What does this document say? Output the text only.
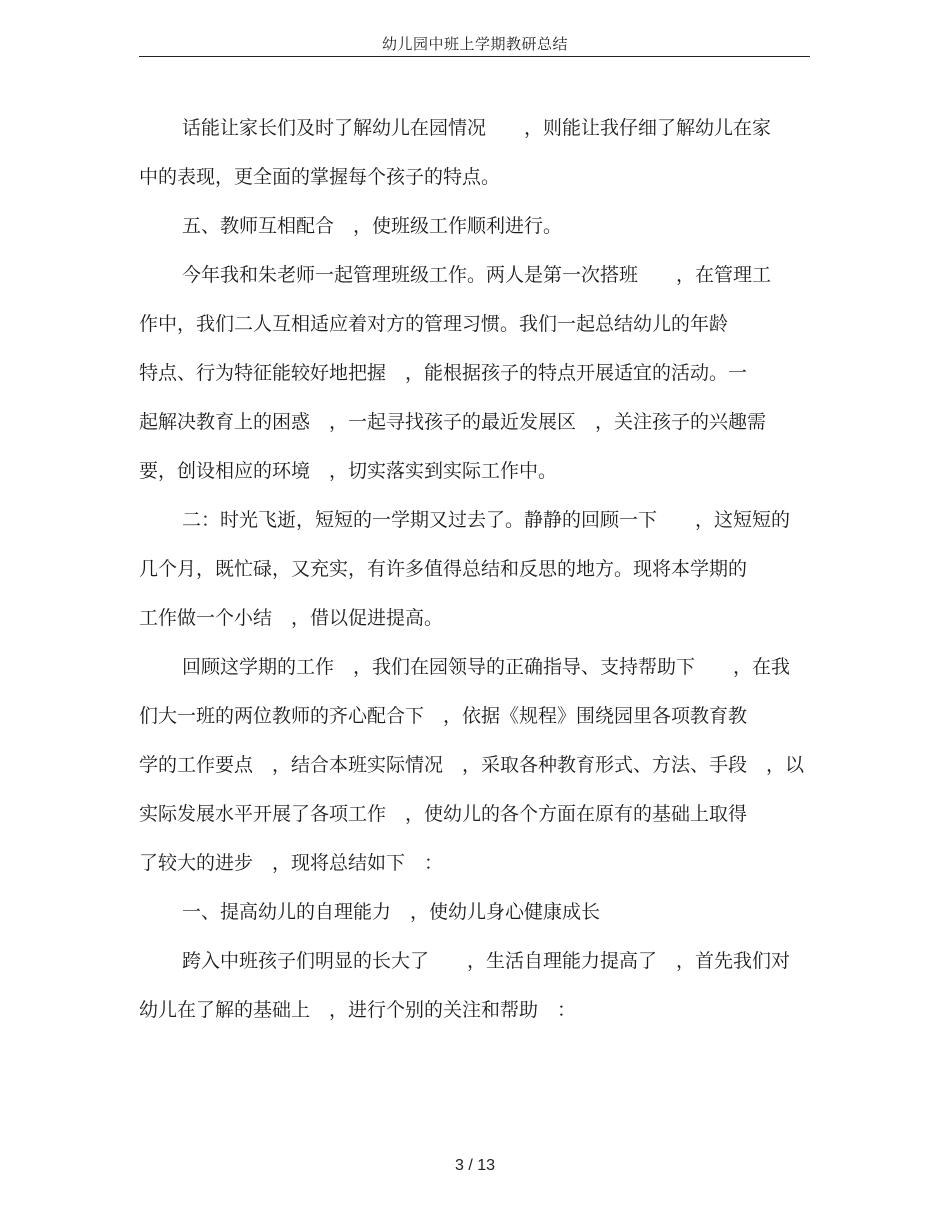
幼儿园中班上学期教研总结
话能让家长们及时了解幼儿在园情况　　，则能让我仔细了解幼儿在家
中的表现，更全面的掌握每个孩子的特点。
五、教师互相配合　，使班级工作顺利进行。
今年我和朱老师一起管理班级工作。两人是第一次搭班　　，在管理工
作中，我们二人互相适应着对方的管理习惯。我们一起总结幼儿的年龄
特点、行为特征能较好地把握　，能根据孩子的特点开展适宜的活动。一
起解决教育上的困惑　，一起寻找孩子的最近发展区　，关注孩子的兴趣需
要，创设相应的环境　，切实落实到实际工作中。
二：时光飞逝，短短的一学期又过去了。静静的回顾一下　　，这短短的
几个月，既忙碌，又充实，有许多值得总结和反思的地方。现将本学期的
工作做一个小结　，借以促进提高。
回顾这学期的工作　，我们在园领导的正确指导、支持帮助下　　，在我
们大一班的两位教师的齐心配合下　，依据《规程》围绕园里各项教育教
学的工作要点　，结合本班实际情况　，采取各种教育形式、方法、手段　，以
实际发展水平开展了各项工作　，使幼儿的各个方面在原有的基础上取得
了较大的进步　，现将总结如下　：
一、提高幼儿的自理能力　，使幼儿身心健康成长
跨入中班孩子们明显的长大了　　，生活自理能力提高了　，首先我们对
幼儿在了解的基础上　，进行个别的关注和帮助　：
3 / 13
